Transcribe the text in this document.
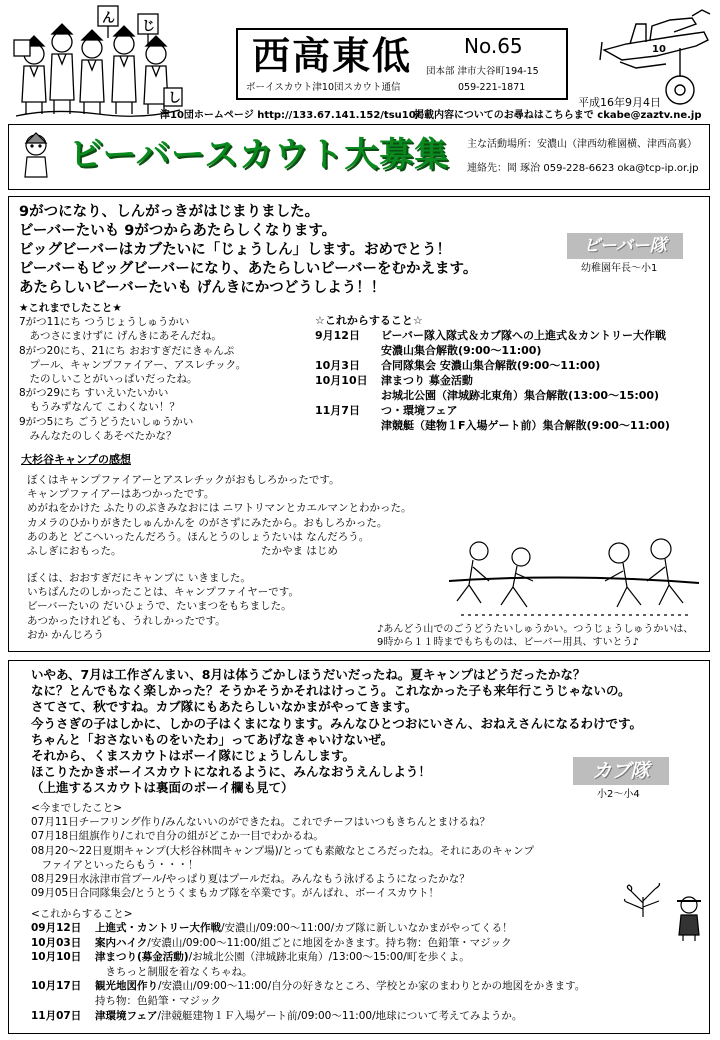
ん
じ
し
西高東低	No.65
団本部 津市大谷町194-15
ボーイスカウト津10団スカウト通信	059-221-1871
10
平成16年9月4日
津10団ホームページ http://133.67.141.152/tsu10/
掲載内容についてのお尋ねはこちらまで ckabe@zaztv.ne.jp
ビーバースカウト大募集 主な活動場所：安濃山（津西幼稚園横、津西高裏）
連絡先：岡 琢治 059-228-6623 oka@tcp-ip.or.jp
9がつになり、しんがっきがはじまりました。
ビーバーたいも 9がつからあたらしくなります。
ビッグビーバーはカブたいに「じょうしん」します。おめでとう！
ビーバーもビッグビーバーになり、あたらしいビーバーをむかえます。
あたらしいビーバーたいも げんきにかつどうしよう！！
ビーバー隊
幼稚園年長～小1
★これまでしたこと★
7がつ11にち つうじょうしゅうかい
　あつさにまけずに げんきにあそんだね。
8がつ20にち、21にち おおすぎだにきゃんぷ
　プール、キャンプファイアー、アスレチック。
　たのしいことがいっぱいだったね。
8がつ29にち すいえいたいかい
　もうみずなんて こわくない！？
9がつ5にち ごうどうたいしゅうかい
　みんなたのしくあそべたかな？
☆これからすること☆
9月12日	ビーバー隊入隊式＆カブ隊への上進式＆カントリー大作戦
安濃山集合解散(9:00～11:00)
10月3日	合同隊集会 安濃山集合解散(9:00～11:00)
10月10日	津まつり 募金活動
お城北公園（津城跡北東角）集合解散(13:00～15:00)
11月7日	つ・環境フェア
津競艇（建物１F入場ゲート前）集合解散(9:00～11:00)
大杉谷キャンプの感想
ぼくはキャンプファイアーとアスレチックがおもしろかったです。
キャンプファイアーはあつかったです。
めがねをかけた ふたりのぶきみなおには ニワトリマンとカエルマンとわかった。
カメラのひかりがきたしゅんかんを のがさずにみたから。おもしろかった。
あのあと どこへいったんだろう。ほんとうのしょうたいは なんだろう。
ふしぎにおもった。	たかやま はじめ
ぼくは、おおすぎだにキャンプに いきました。
いちばんたのしかったことは、キャンプファイヤーです。
ビーバーたいの だいひょうで、たいまつをもちました。
あつかったけれども、うれしかったです。
おか かんじろう	♪あんどう山でのごうどうたいしゅうかい。つうじょうしゅうかいは、
9時から１１時までもちものは、ビーバー用具、すいとう♪
いやあ、7月は工作ざんまい、8月は体うごかしほうだいだったね。夏キャンプはどうだったかな？
なに？とんでもなく楽しかった？そうかそうかそれはけっこう。これなかった子も来年行こうじゃないの。
さてさて、秋ですね。カブ隊にもあたらしいなかまがやってきます。
今うさぎの子はしかに、しかの子はくまになります。みんなひとつおにいさん、おねえさんになるわけです。
ちゃんと「おさないものをいたわ」ってあげなきゃいけないぜ。
それから、くまスカウトはボーイ隊にじょうしんします。
ほこりたかきボーイスカウトになれるように、みんなおうえんしよう！
（上進するスカウトは裏面のボーイ欄も見て）
カブ隊
小2～小4
<今までしたこと>
07月11日チーフリング作り/みんないいのができたね。これでチーフはいつもきちんとまけるね？
07月18日組旗作り/これで自分の組がどこか一目でわかるね。
08月20～22日夏期キャンプ(大杉谷林間キャンプ場)/とっても素敵なところだったね。それにあのキャンプ
　ファイアといったらもう・・・！
08月29日水泳津市営プール/やっぱり夏はプールだね。みんなもう泳げるようになったかな？
09月05日合同隊集会/とうとうくまもカブ隊を卒業です。がんばれ、ボーイスカウト！
<これからすること>
09月12日 上進式・カントリー大作戦/安濃山/09:00～11:00/カブ隊に新しいなかまがやってくる！
10月03日 案内ハイク/安濃山/09:00～11:00/組ごとに地図をかきます。持ち物：色鉛筆・マジック
10月10日 津まつり(募金活動)/お城北公園（津城跡北東角）/13:00～15:00/町を歩くよ。
　きちっと制服を着なくちゃね。
10月17日 観光地図作り/安濃山/09:00～11:00/自分の好きなところ、学校とか家のまわりとかの地図をかきます。
持ち物：色鉛筆・マジック
11月07日 津環境フェア/津競艇建物１Ｆ入場ゲート前/09:00～11:00/地球について考えてみようか。
